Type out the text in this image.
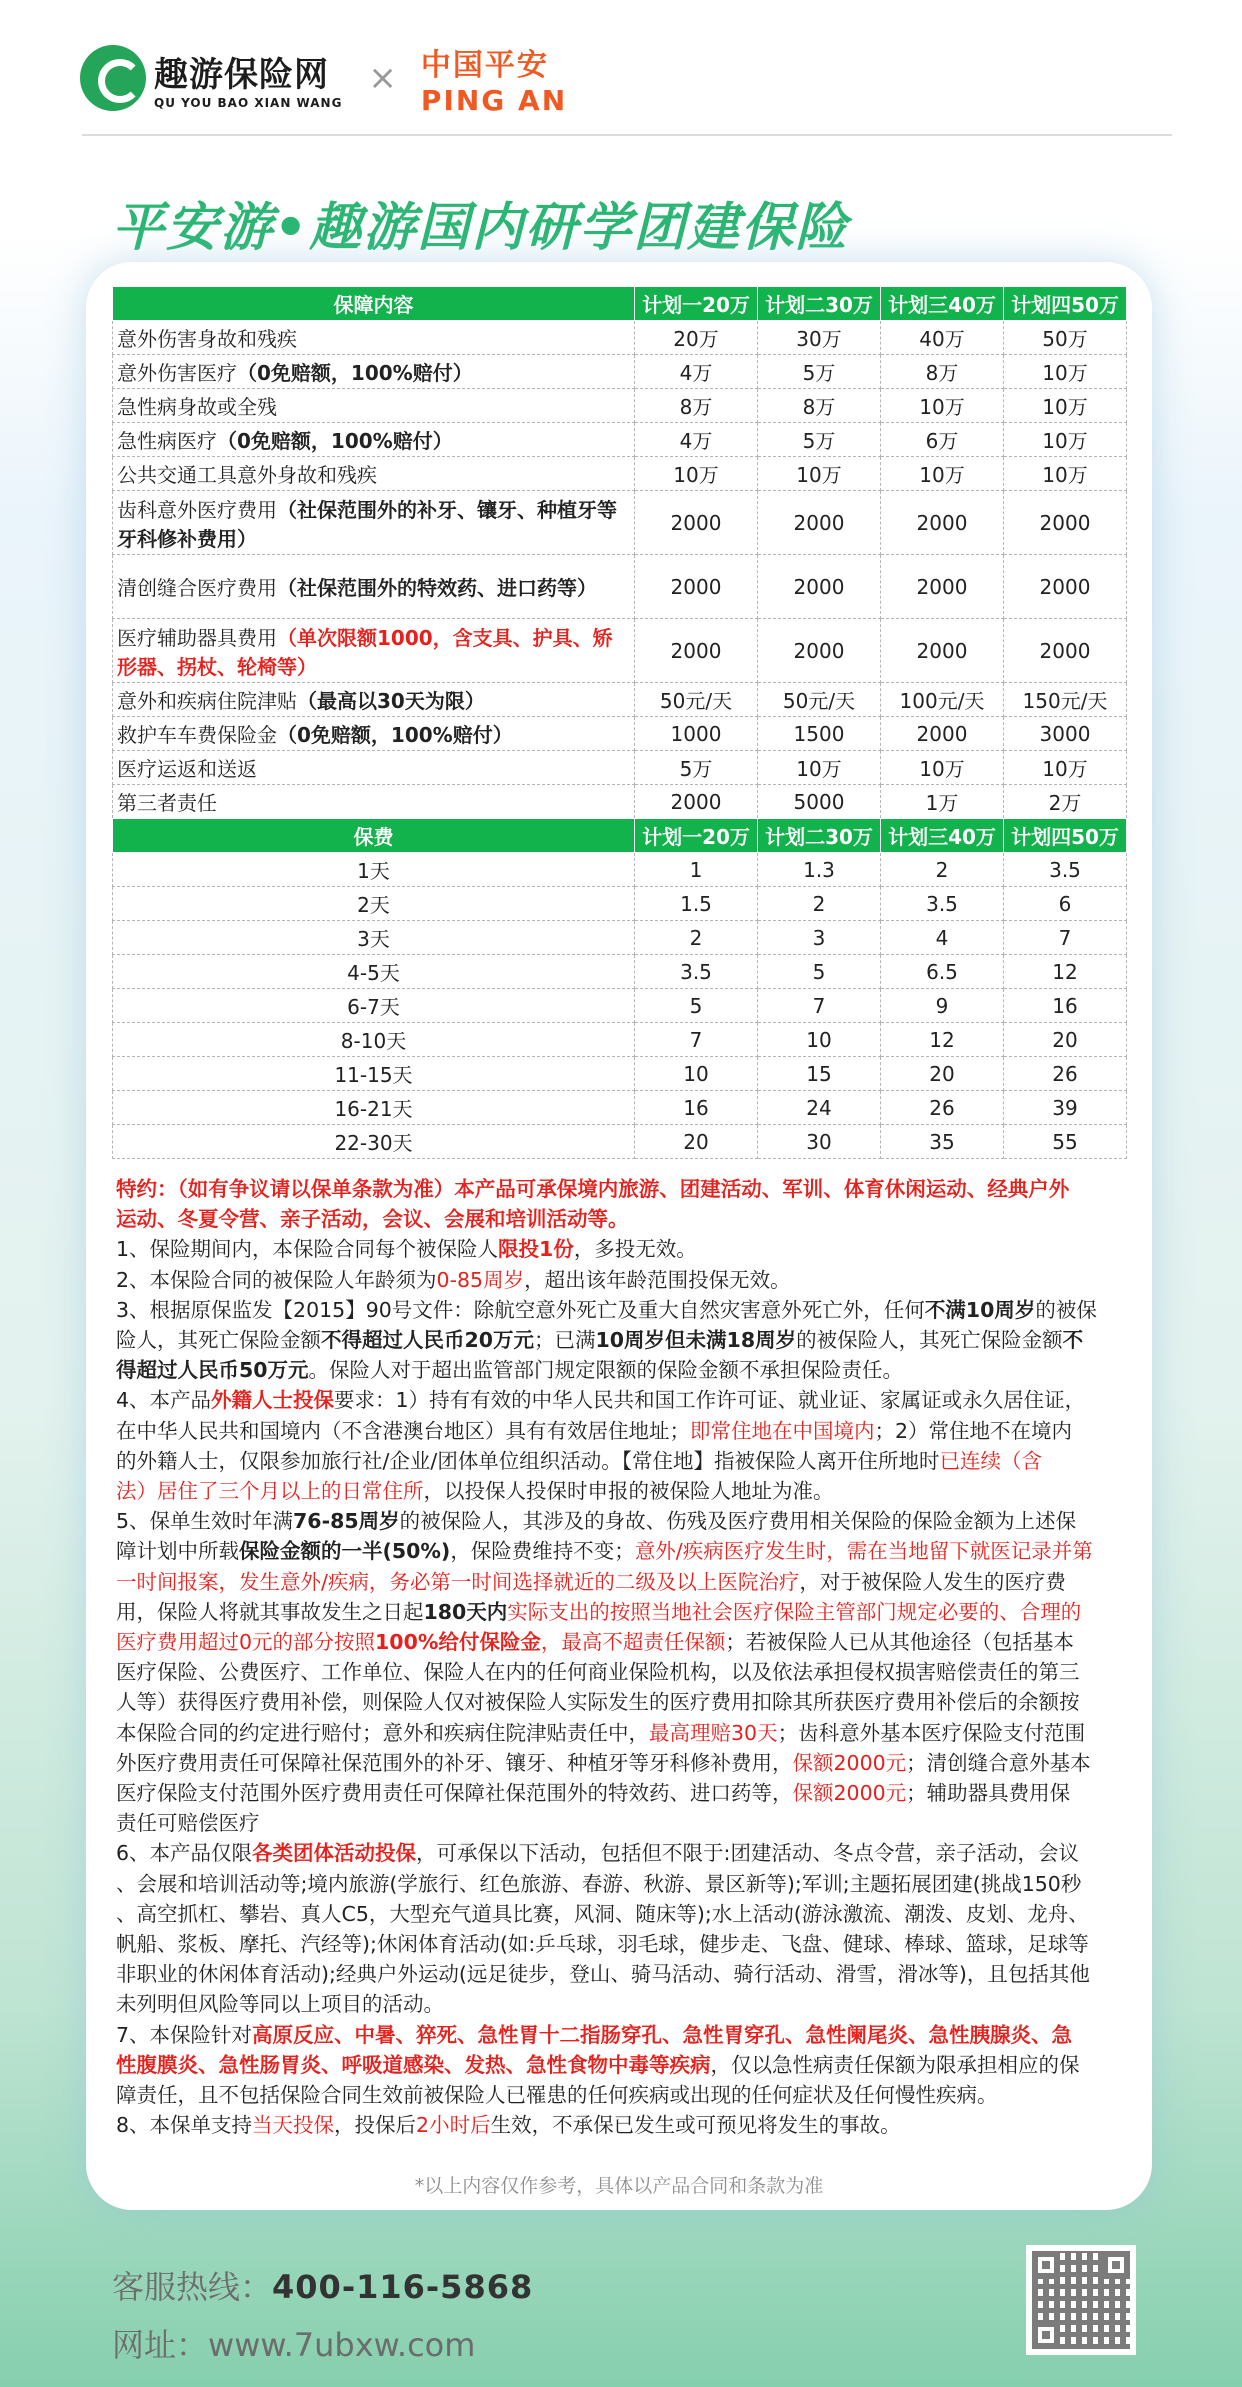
趣游保险网
QU YOU BAO XIAN WANG
× 中国平安
PING AN
平安游•趣游国内研学团建保险
保障内容	计划一20万	计划二30万	计划三40万	计划四50万
意外伤害身故和残疾	20万	30万	40万	50万
意外伤害医疗（0免赔额，100%赔付）	4万	5万	8万	10万
急性病身故或全残	8万	8万	10万	10万
急性病医疗（0免赔额，100%赔付）	4万	5万	6万	10万
公共交通工具意外身故和残疾	10万	10万	10万	10万
齿科意外医疗费用（社保范围外的补牙、镶牙、种植牙等牙科修补费用）	2000	2000	2000	2000
清创缝合医疗费用（社保范围外的特效药、进口药等）	2000	2000	2000	2000
医疗辅助器具费用（单次限额1000，含支具、护具、矫形器、拐杖、轮椅等）	2000	2000	2000	2000
意外和疾病住院津贴（最高以30天为限）	50元/天	50元/天	100元/天	150元/天
救护车车费保险金（0免赔额，100%赔付）	1000	1500	2000	3000
医疗运返和送返	5万	10万	10万	10万
第三者责任	2000	5000	1万	2万
保费	计划一20万	计划二30万	计划三40万	计划四50万
1天	1	1.3	2	3.5
2天	1.5	2	3.5	6
3天	2	3	4	7
4-5天	3.5	5	6.5	12
6-7天	5	7	9	16
8-10天	7	10	12	20
11-15天	10	15	20	26
16-21天	16	24	26	39
22-30天	20	30	35	55
特约：（如有争议请以保单条款为准）本产品可承保境内旅游、团建活动、军训、体育休闲运动、经典户外
运动、冬夏令营、亲子活动，会议、会展和培训活动等。
1、保险期间内，本保险合同每个被保险人限投1份，多投无效。
2、本保险合同的被保险人年龄须为0-85周岁，超出该年龄范围投保无效。
3、根据原保监发【2015】90号文件：除航空意外死亡及重大自然灾害意外死亡外，任何不满10周岁的被保
险人，其死亡保险金额不得超过人民币20万元；已满10周岁但未满18周岁的被保险人，其死亡保险金额不
得超过人民币50万元。保险人对于超出监管部门规定限额的保险金额不承担保险责任。
4、本产品外籍人士投保要求：1）持有有效的中华人民共和国工作许可证、就业证、家属证或永久居住证，
在中华人民共和国境内（不含港澳台地区）具有有效居住地址；即常住地在中国境内；2）常住地不在境内
的外籍人士，仅限参加旅行社/企业/团体单位组织活动。【常住地】指被保险人离开住所地时已连续（含
法）居住了三个月以上的日常住所，以投保人投保时申报的被保险人地址为准。
5、保单生效时年满76-85周岁的被保险人，其涉及的身故、伤残及医疗费用相关保险的保险金额为上述保
障计划中所载保险金额的一半(50%)，保险费维持不变；意外/疾病医疗发生时，需在当地留下就医记录并第
一时间报案，发生意外/疾病，务必第一时间选择就近的二级及以上医院治疗，对于被保险人发生的医疗费
用，保险人将就其事故发生之日起180天内实际支出的按照当地社会医疗保险主管部门规定必要的、合理的
医疗费用超过0元的部分按照100%给付保险金，最高不超责任保额；若被保险人已从其他途径（包括基本
医疗保险、公费医疗、工作单位、保险人在内的任何商业保险机构，以及依法承担侵权损害赔偿责任的第三
人等）获得医疗费用补偿，则保险人仅对被保险人实际发生的医疗费用扣除其所获医疗费用补偿后的余额按
本保险合同的约定进行赔付；意外和疾病住院津贴责任中，最高理赔30天；齿科意外基本医疗保险支付范围
外医疗费用责任可保障社保范围外的补牙、镶牙、种植牙等牙科修补费用，保额2000元；清创缝合意外基本
医疗保险支付范围外医疗费用责任可保障社保范围外的特效药、进口药等，保额2000元；辅助器具费用保
责任可赔偿医疗
6、本产品仅限各类团体活动投保，可承保以下活动，包括但不限于:团建活动、冬点令营，亲子活动，会议
、会展和培训活动等;境内旅游(学旅行、红色旅游、春游、秋游、景区新等);军训;主题拓展团建(挑战150秒
、高空抓杠、攀岩、真人C5，大型充气道具比赛，风洞、随床等);水上活动(游泳激流、潮泼、皮划、龙舟、
帆船、浆板、摩托、汽经等);休闲体育活动(如:乒乓球，羽毛球，健步走、飞盘、健球、棒球、篮球，足球等
非职业的休闲体育活动);经典户外运动(远足徒步，登山、骑马活动、骑行活动、滑雪，滑冰等)，且包括其他
未列明但风险等同以上项目的活动。
7、本保险针对高原反应、中暑、猝死、急性胃十二指肠穿孔、急性胃穿孔、急性阑尾炎、急性胰腺炎、急
性腹膜炎、急性肠胃炎、呼吸道感染、发热、急性食物中毒等疾病，仅以急性病责任保额为限承担相应的保
障责任，且不包括保险合同生效前被保险人已罹患的任何疾病或出现的任何症状及任何慢性疾病。
8、本保单支持当天投保，投保后2小时后生效，不承保已发生或可预见将发生的事故。
*以上内容仅作参考，具体以产品合同和条款为准
客服热线：400-116-5868
网址：www.7ubxw.com
